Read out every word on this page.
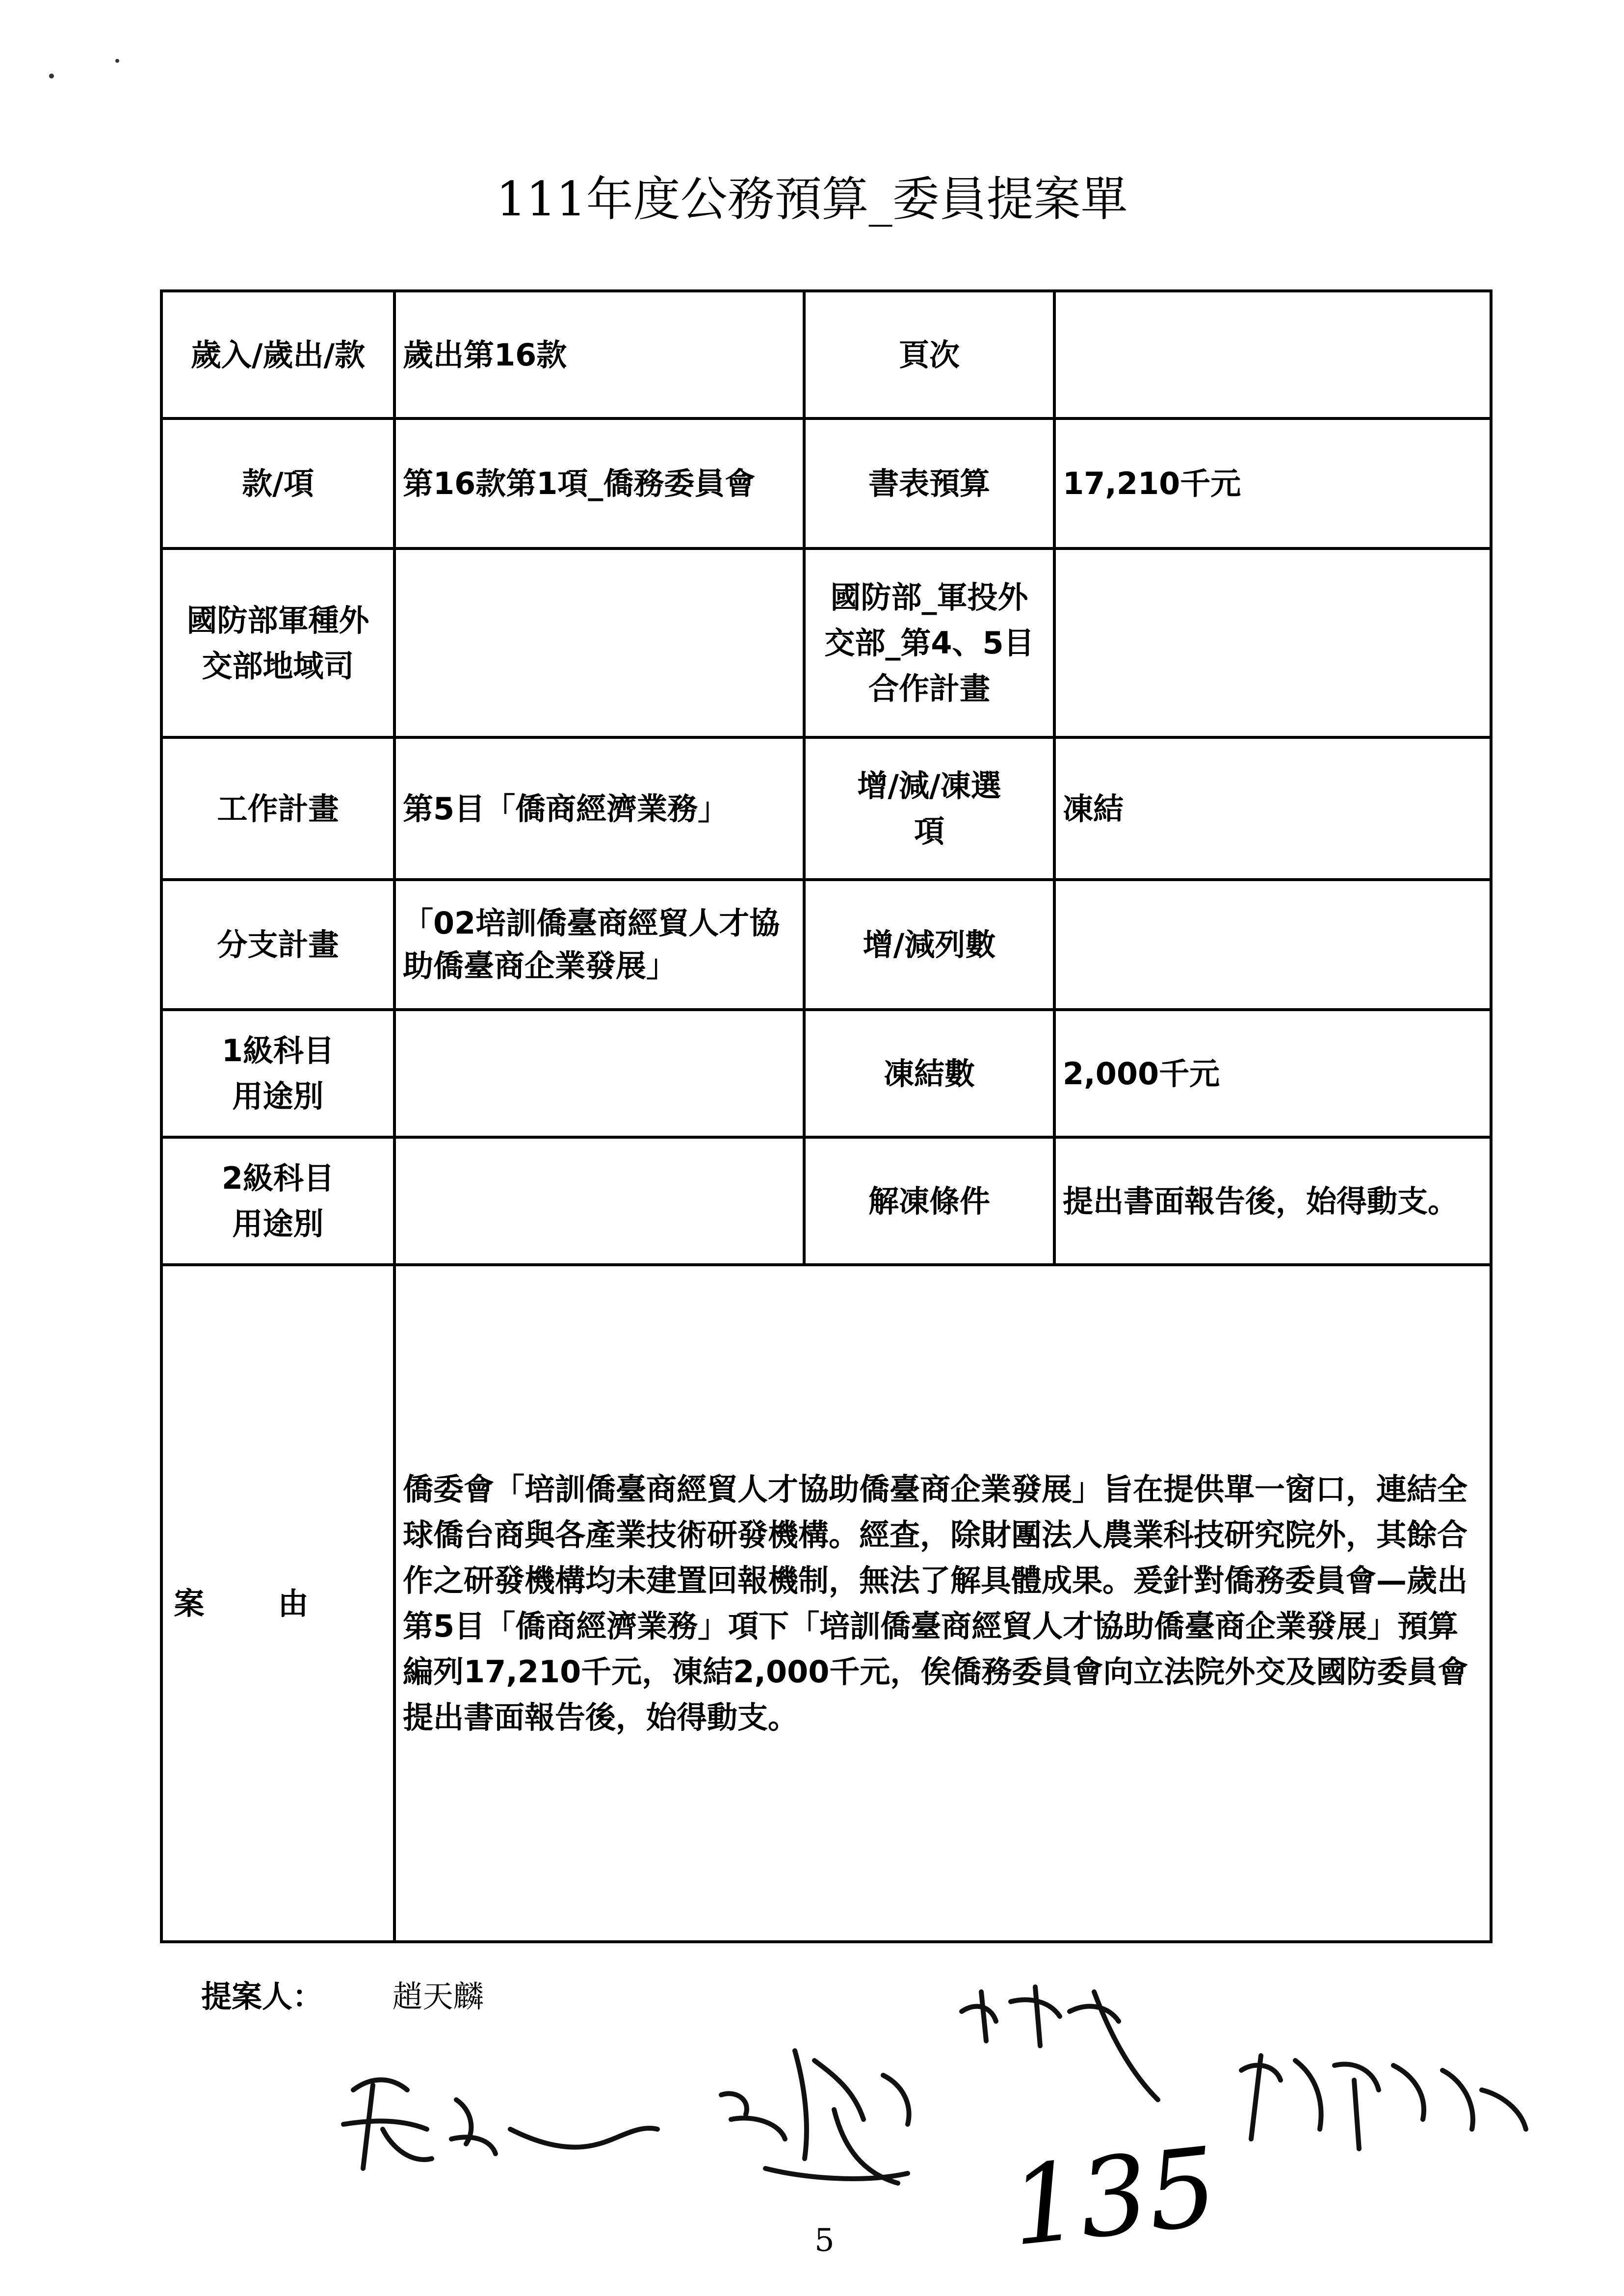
111年度公務預算_委員提案單
歲入/歲出/款	歲出第16款	頁次	
款/項	第16款第1項_僑務委員會	書表預算	17,210千元
國防部軍種外交部地域司		國防部_軍投外交部_第4、5目合作計畫	
工作計畫	第5目「僑商經濟業務」	增/減/凍選項	凍結
分支計畫	「02培訓僑臺商經貿人才協助僑臺商企業發展」	增/減列數	
1級科目用途別		凍結數	2,000千元
2級科目用途別		解凍條件	提出書面報告後，始得動支。
案由	僑委會「培訓僑臺商經貿人才協助僑臺商企業發展」旨在提供單一窗口，連結全球僑台商與各產業技術研發機構。經查，除財團法人農業科技研究院外，其餘合作之研發機構均未建置回報機制，無法了解具體成果。爰針對僑務委員會—歲出第5目「僑商經濟業務」項下「培訓僑臺商經貿人才協助僑臺商企業發展」預算編列17,210千元，凍結2,000千元，俟僑務委員會向立法院外交及國防委員會提出書面報告後，始得動支。		
提案人： 趙天麟
135
5
